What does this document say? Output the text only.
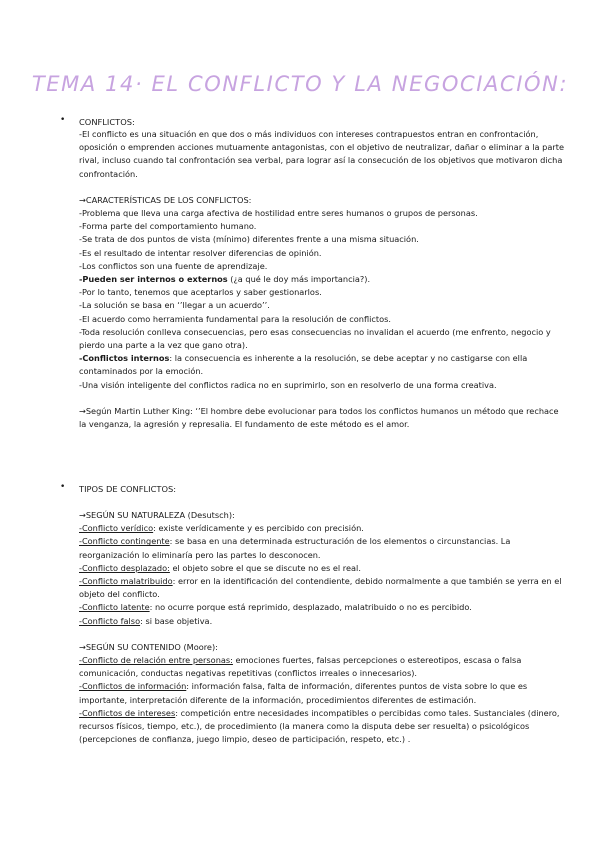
TEMA 14· EL CONFLICTO Y LA NEGOCIACIÓN:
• CONFLICTOS:

-El conflicto es una situación en que dos o más individuos con intereses contrapuestos entran en confrontación, oposición o emprenden acciones mutuamente antagonistas, con el objetivo de neutralizar, dañar o eliminar a la parte rival, incluso cuando tal confrontación sea verbal, para lograr así la consecución de los objetivos que motivaron dicha confrontación.

→CARACTERÍSTICAS DE LOS CONFLICTOS:

-Problema que lleva una carga afectiva de hostilidad entre seres humanos o grupos de personas.

-Forma parte del comportamiento humano.

-Se trata de dos puntos de vista (mínimo) diferentes frente a una misma situación.

-Es el resultado de intentar resolver diferencias de opinión.

-Los conflictos son una fuente de aprendizaje.

-Pueden ser internos o externos (¿a qué le doy más importancia?).

-Por lo tanto, tenemos que aceptarlos y saber gestionarlos.

-La solución se basa en ‘’llegar a un acuerdo’’.

-El acuerdo como herramienta fundamental para la resolución de conflictos.

-Toda resolución conlleva consecuencias, pero esas consecuencias no invalidan el acuerdo (me enfrento, negocio y pierdo una parte a la vez que gano otra).

-Conflictos internos: la consecuencia es inherente a la resolución, se debe aceptar y no castigarse con ella contaminados por la emoción.

-Una visión inteligente del conflictos radica no en suprimirlo, son en resolverlo de una forma creativa.

→Según Martin Luther King: ‘’El hombre debe evolucionar para todos los conflictos humanos un método que rechace la venganza, la agresión y represalia. El fundamento de este método es el amor.

• TIPOS DE CONFLICTOS:

→SEGÚN SU NATURALEZA (Desutsch):

-Conflicto verídico: existe verídicamente y es percibido con precisión.

-Conflicto contingente: se basa en una determinada estructuración de los elementos o circunstancias. La reorganización lo eliminaría pero las partes lo desconocen.

-Conflicto desplazado: el objeto sobre el que se discute no es el real.

-Conflicto malatribuido: error en la identificación del contendiente, debido normalmente a que también se yerra en el objeto del conflicto.

-Conflicto latente: no ocurre porque está reprimido, desplazado, malatribuido o no es percibido.

-Conflicto falso: si base objetiva.

→SEGÚN SU CONTENIDO (Moore):

-Conflicto de relación entre personas: emociones fuertes, falsas percepciones o estereotipos, escasa o falsa comunicación, conductas negativas repetitivas (conflictos irreales o innecesarios).

-Conflictos de información: información falsa, falta de información, diferentes puntos de vista sobre lo que es importante, interpretación diferente de la información, procedimientos diferentes de estimación.

-Conflictos de intereses: competición entre necesidades incompatibles o percibidas como tales. Sustanciales (dinero, recursos físicos, tiempo, etc.), de procedimiento (la manera como la disputa debe ser resuelta) o psicológicos (percepciones de confianza, juego limpio, deseo de participación, respeto, etc.) .
